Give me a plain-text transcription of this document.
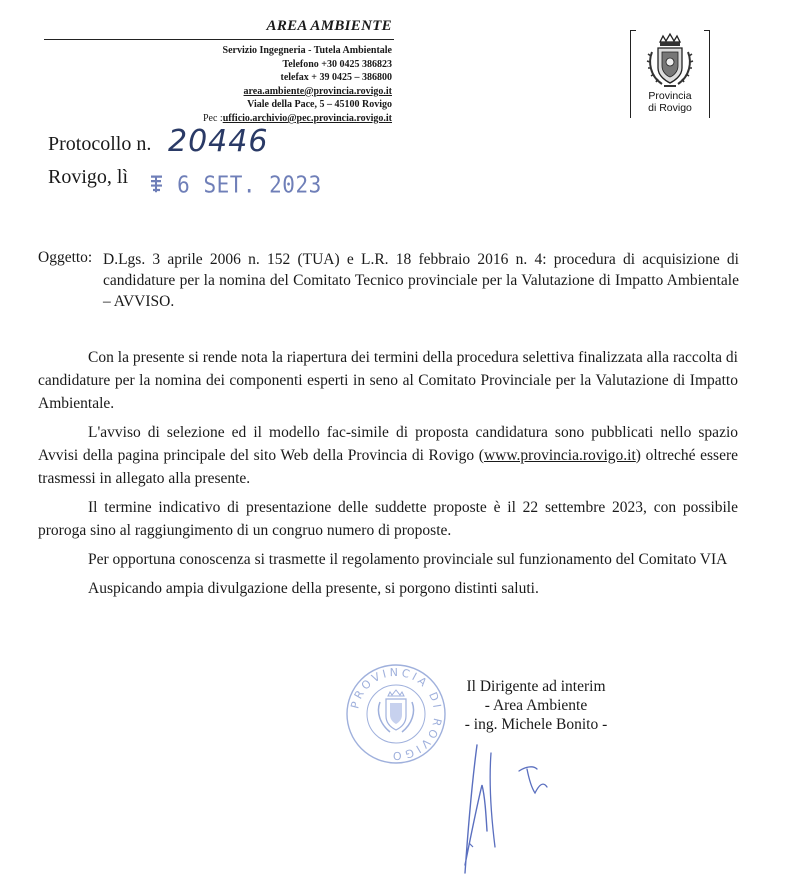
AREA AMBIENTE
Servizio Ingegneria - Tutela Ambientale
Telefono +30 0425 386823
telefax + 39 0425 – 386800
area.ambiente@provincia.rovigo.it
Viale della Pace, 5 – 45100 Rovigo
Pec :ufficio.archivio@pec.provincia.rovigo.it
Provincia
di Rovigo
Protocollo n. 20446
Rovigo, lì	6 SET. 2023
Oggetto: D.Lgs. 3 aprile 2006 n. 152 (TUA) e L.R. 18 febbraio 2016 n. 4: procedura di acquisizione di candidature per la nomina del Comitato Tecnico provinciale per la Valutazione di Impatto Ambientale – AVVISO.

Con la presente si rende nota la riapertura dei termini della procedura selettiva finalizzata alla raccolta di candidature per la nomina dei componenti esperti in seno al Comitato Provinciale per la Valutazione di Impatto Ambientale.

L'avviso di selezione ed il modello fac-simile di proposta candidatura sono pubblicati nello spazio Avvisi della pagina principale del sito Web della Provincia di Rovigo (www.provincia.rovigo.it) oltreché essere trasmessi in allegato alla presente.

Il termine indicativo di presentazione delle suddette proposte è il 22 settembre 2023, con possibile proroga sino al raggiungimento di un congruo numero di proposte.

Per opportuna conoscenza si trasmette il regolamento provinciale sul funzionamento del Comitato VIA

Auspicando ampia divulgazione della presente, si porgono distinti saluti.

PROVINCIA DI ROVIGO
Il Dirigente ad interim
- Area Ambiente
- ing. Michele Bonito -
